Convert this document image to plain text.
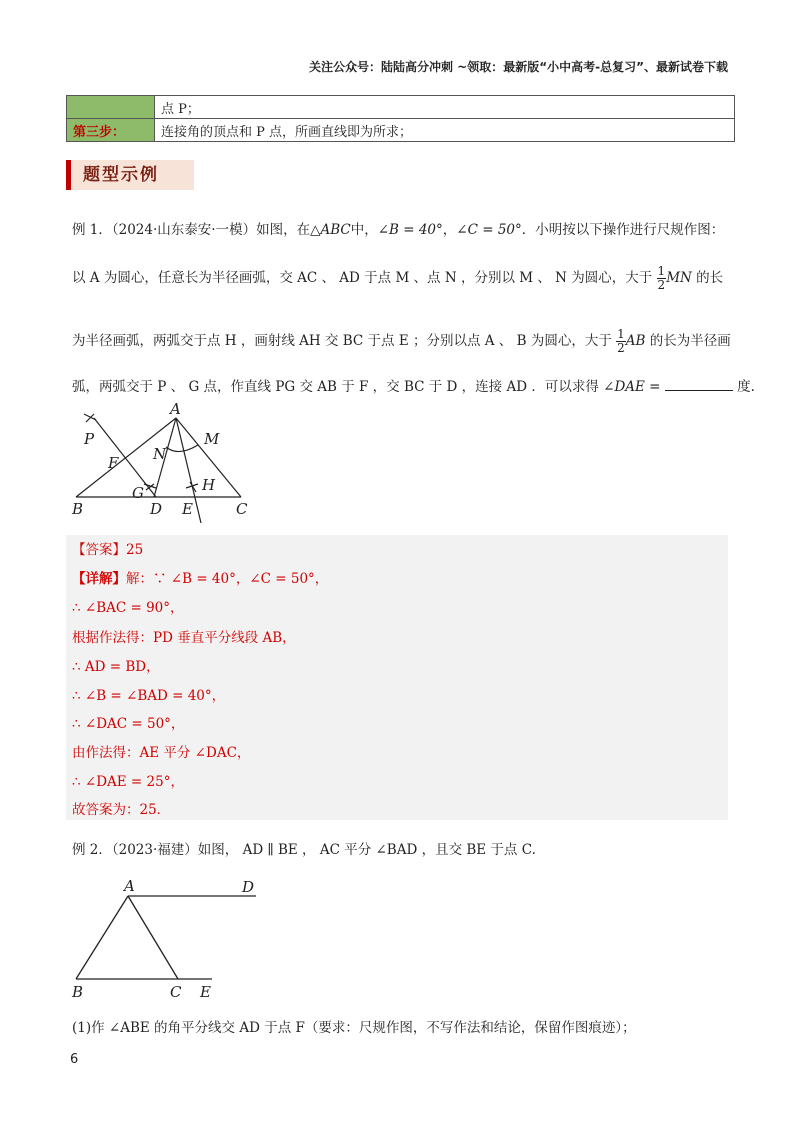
关注公众号：陆陆高分冲刺 ~领取：最新版“小中高考-总复习”、最新试卷下载
	点 P；
第三步：	连接角的顶点和 P 点，所画直线即为所求；
题型示例
例 1．（2024·山东泰安·一模）如图，在△ABC中，∠B = 40°，∠C = 50°．小明按以下操作进行尺规作图：
以 A 为圆心，任意长为半径画弧，交 AC 、 AD 于点 M 、点 N ，分别以 M 、 N 为圆心，大于 $\frac{1}{2}$ MN 的长
为半径画弧，两弧交于点 H ，画射线 AH 交 BC 于点 E ；分别以点 A 、 B 为圆心，大于 $\frac{1}{2}$ AB 的长为半径画
弧，两弧交于 P 、 G 点，作直线 PG 交 AB 于 F ，交 BC 于 D ，连接 AD ．可以求得 ∠DAE =	度.
A
P	M
N
F
G	H
B	D E	C
【答案】25
【详解】解：∵ ∠B = 40°，∠C = 50°，
∴ ∠BAC = 90°，
根据作法得：PD 垂直平分线段 AB，
∴ AD = BD，
∴ ∠B = ∠BAD = 40°，
∴ ∠DAC = 50°，
由作法得：AE 平分 ∠DAC，
∴ ∠DAE = 25°，
故答案为：25．
例 2．（2023·福建）如图， AD ∥ BE ， AC 平分 ∠BAD ，且交 BE 于点 C.
A	D
B	C E
(1)作 ∠ABE 的角平分线交 AD 于点 F（要求：尺规作图，不写作法和结论，保留作图痕迹）；
6
